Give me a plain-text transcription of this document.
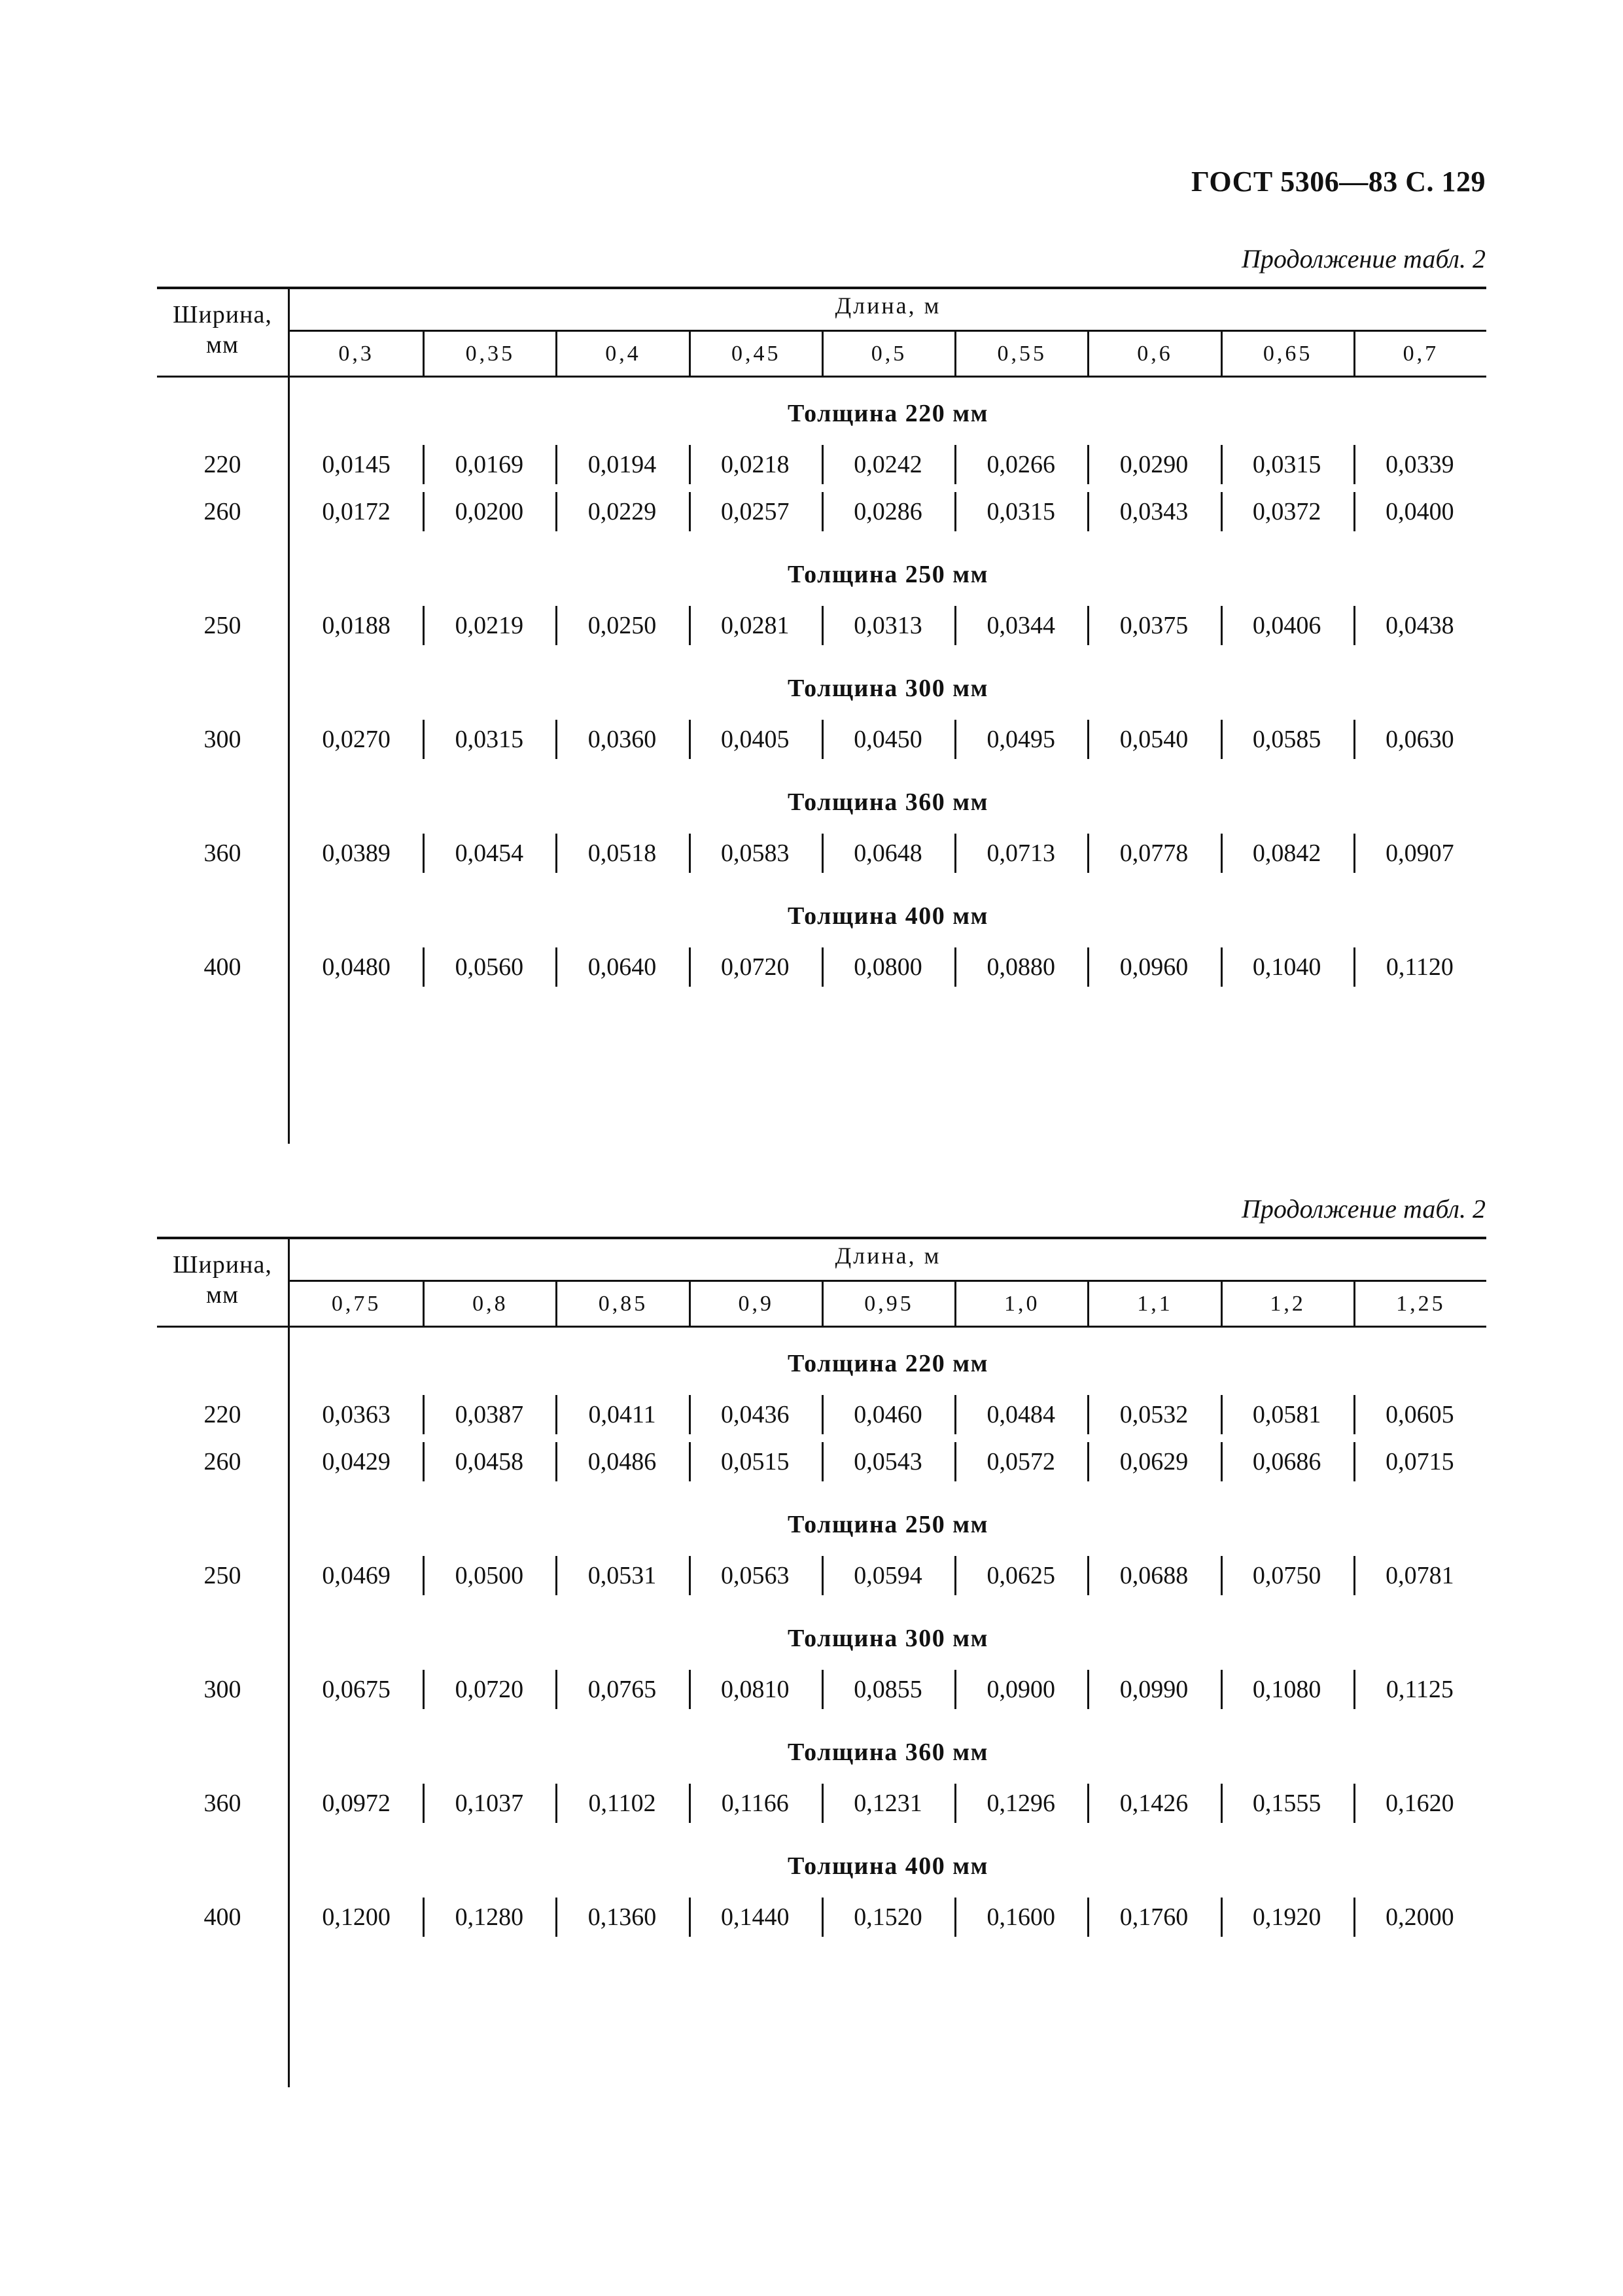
ГОСТ 5306—83 С. 129
Продолжение табл. 2
Ширина,
мм
Длина, м
0,3	0,35	0,4	0,45	0,5	0,55	0,6	0,65	0,7
Толщина 220 мм
220	0,0145	0,0169	0,0194	0,0218	0,0242	0,0266	0,0290	0,0315	0,0339
260	0,0172	0,0200	0,0229	0,0257	0,0286	0,0315	0,0343	0,0372	0,0400
Толщина 250 мм
250	0,0188	0,0219	0,0250	0,0281	0,0313	0,0344	0,0375	0,0406	0,0438
Толщина 300 мм
300	0,0270	0,0315	0,0360	0,0405	0,0450	0,0495	0,0540	0,0585	0,0630
Толщина 360 мм
360	0,0389	0,0454	0,0518	0,0583	0,0648	0,0713	0,0778	0,0842	0,0907
Толщина 400 мм
400	0,0480	0,0560	0,0640	0,0720	0,0800	0,0880	0,0960	0,1040	0,1120
Продолжение табл. 2
Ширина,
мм
Длина, м
0,75	0,8	0,85	0,9	0,95	1,0	1,1	1,2	1,25
Толщина 220 мм
220	0,0363	0,0387	0,0411	0,0436	0,0460	0,0484	0,0532	0,0581	0,0605
260	0,0429	0,0458	0,0486	0,0515	0,0543	0,0572	0,0629	0,0686	0,0715
Толщина 250 мм
250	0,0469	0,0500	0,0531	0,0563	0,0594	0,0625	0,0688	0,0750	0,0781
Толщина 300 мм
300	0,0675	0,0720	0,0765	0,0810	0,0855	0,0900	0,0990	0,1080	0,1125
Толщина 360 мм
360	0,0972	0,1037	0,1102	0,1166	0,1231	0,1296	0,1426	0,1555	0,1620
Толщина 400 мм
400	0,1200	0,1280	0,1360	0,1440	0,1520	0,1600	0,1760	0,1920	0,2000
